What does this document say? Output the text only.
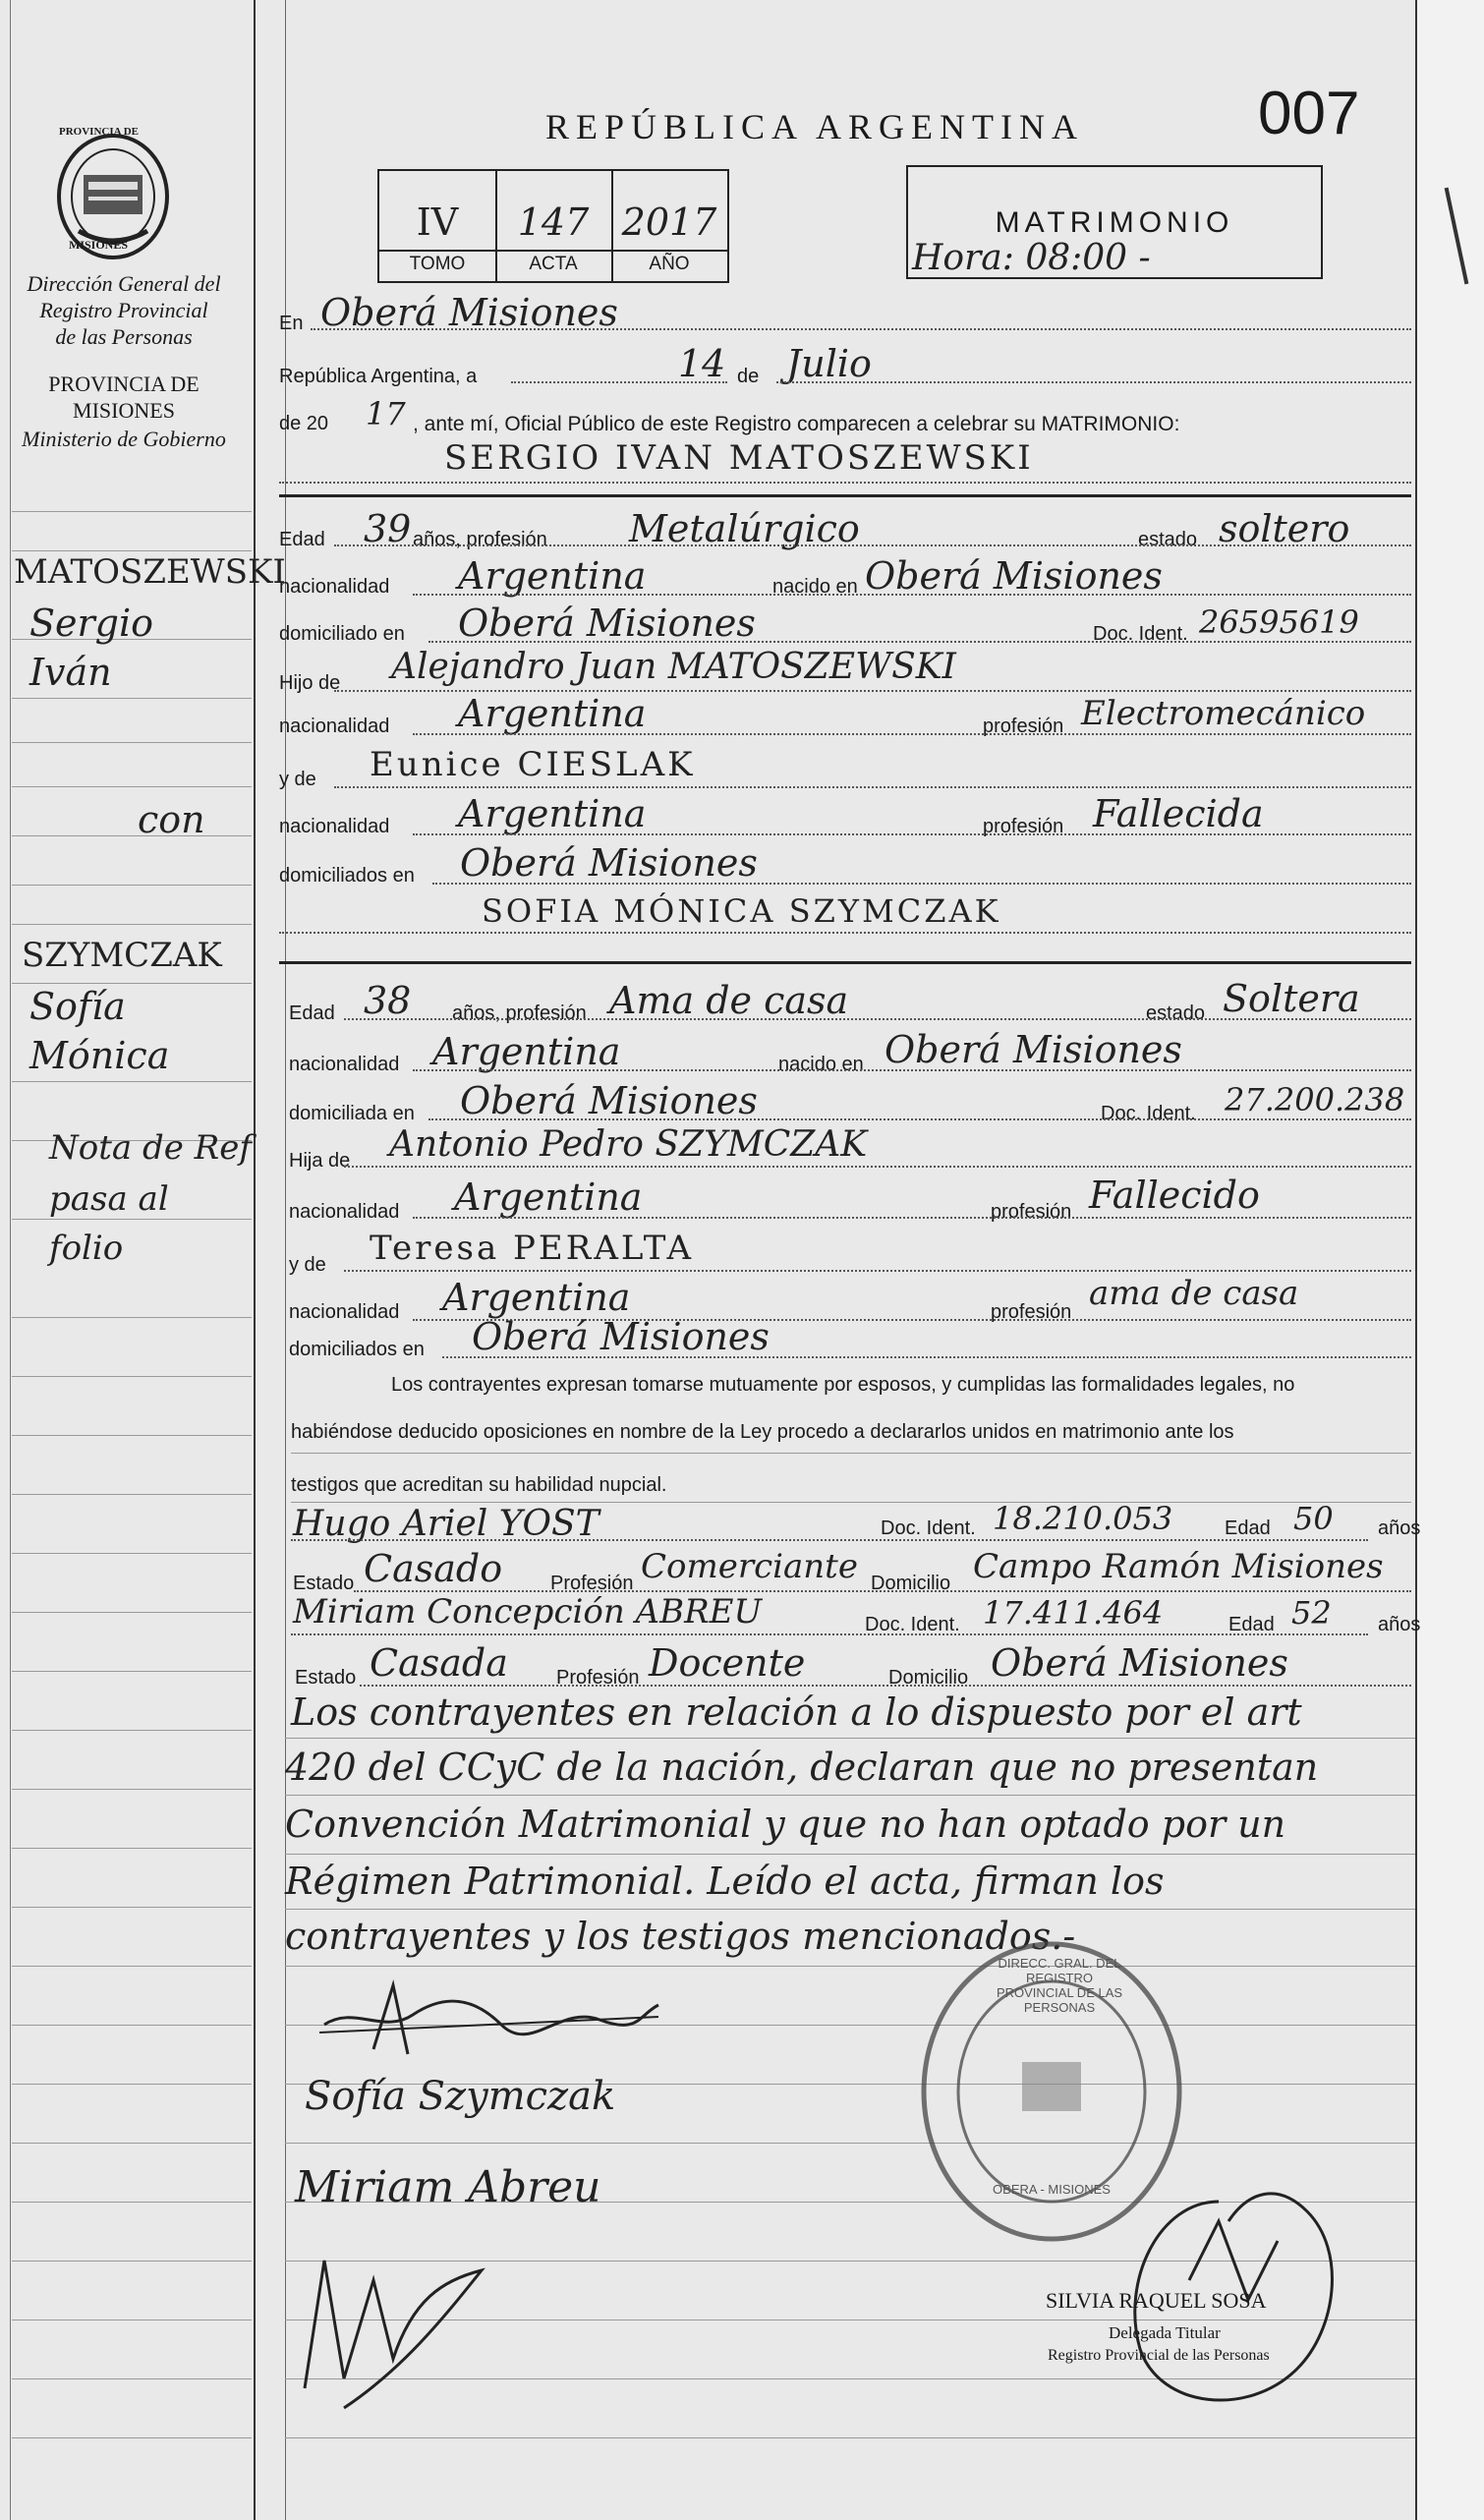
PROVINCIA DE
MISIONES
Dirección General del
Registro Provincial
de las Personas
PROVINCIA DE
MISIONES
Ministerio de Gobierno
MATOSZEWSKI
Sergio
Iván
con
SZYMCZAK
Sofía
Mónica
Nota de Ref
pasa al
folio
REPÚBLICA ARGENTINA	007
IV	147 2017
TOMO	ACTA	AÑO
MATRIMONIO
Hora: 08:00 -
En Oberá Misiones
República Argentina, a	14 de Julio
de 20 17 , ante mí, Oficial Público de este Registro comparecen a celebrar su MATRIMONIO:
SERGIO IVAN MATOSZEWSKI
Edad 39 años, profesión Metalúrgico	estado soltero
nacionalidad Argentina	nacido en Oberá Misiones
domiciliado en Oberá Misiones	Doc. Ident. 26595619
Hijo de Alejandro Juan MATOSZEWSKI
nacionalidad Argentina	profesión Electromecánico
y de Eunice CIESLAK
nacionalidad Argentina	profesión Fallecida
domiciliados en Oberá Misiones
SOFIA MÓNICA SZYMCZAK
Edad 38 años, profesión Ama de casa	estado Soltera
nacionalidad Argentina	nacido en Oberá Misiones
domiciliada en Oberá Misiones	Doc. Ident. 27.200.238
Hija de Antonio Pedro SZYMCZAK
nacionalidad Argentina	profesión Fallecido
y de Teresa PERALTA
nacionalidad Argentina	profesión ama de casa
domiciliados en Oberá Misiones
Los contrayentes expresan tomarse mutuamente por esposos, y cumplidas las formalidades legales, no
habiéndose deducido oposiciones en nombre de la Ley procedo a declararlos unidos en matrimonio ante los
testigos que acreditan su habilidad nupcial.
Hugo Ariel YOST	Doc. Ident. 18.210.053	Edad 50 años
Estado Casado Profesión Comerciante Domicilio Campo Ramón Misiones
Miriam Concepción ABREU	Doc. Ident. 17.411.464	Edad 52 años
Estado Casada Profesión Docente	Domicilio Oberá Misiones
Los contrayentes en relación a lo dispuesto por el art
420 del CCyC de la nación, declaran que no presentan
Convención Matrimonial y que no han optado por un
Régimen Patrimonial. Leído el acta, firman los
contrayentes y los testigos mencionados.-
Sofía Szymczak
Miriam Abreu
DIRECC. GRAL. DEL REGISTRO PROVINCIAL DE LAS PERSONAS
OBERA - MISIONES
SILVIA RAQUEL SOSA
Delegada Titular
Registro Provincial de las Personas
